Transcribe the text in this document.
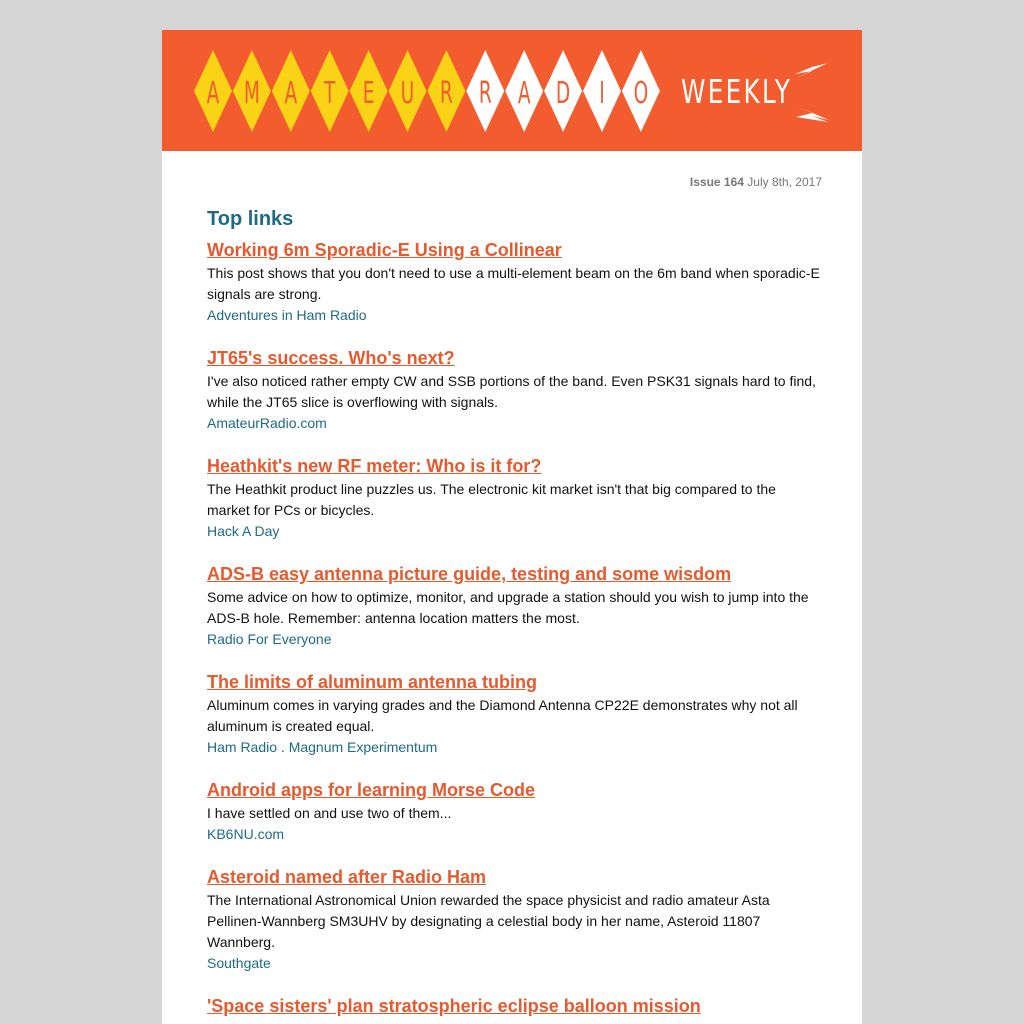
A M A T E U R R A D I O WEEKLY
Issue 164 July 8th, 2017
Top links
Working 6m Sporadic-E Using a Collinear

This post shows that you don't need to use a multi-element beam on the 6m band when sporadic-E signals are strong.

Adventures in Ham Radio
JT65's success. Who's next?

I've also noticed rather empty CW and SSB portions of the band. Even PSK31 signals hard to find, while the JT65 slice is overflowing with signals.

AmateurRadio.com
Heathkit's new RF meter: Who is it for?

The Heathkit product line puzzles us. The electronic kit market isn't that big compared to the market for PCs or bicycles.

Hack A Day
ADS-B easy antenna picture guide, testing and some wisdom

Some advice on how to optimize, monitor, and upgrade a station should you wish to jump into the ADS-B hole. Remember: antenna location matters the most.

Radio For Everyone
The limits of aluminum antenna tubing

Aluminum comes in varying grades and the Diamond Antenna CP22E demonstrates why not all aluminum is created equal.

Ham Radio . Magnum Experimentum
Android apps for learning Morse Code

I have settled on and use two of them...

KB6NU.com
Asteroid named after Radio Ham

The International Astronomical Union rewarded the space physicist and radio amateur Asta Pellinen-Wannberg SM3UHV by designating a celestial body in her name, Asteroid 11807 Wannberg.

Southgate
'Space sisters' plan stratospheric eclipse balloon mission
